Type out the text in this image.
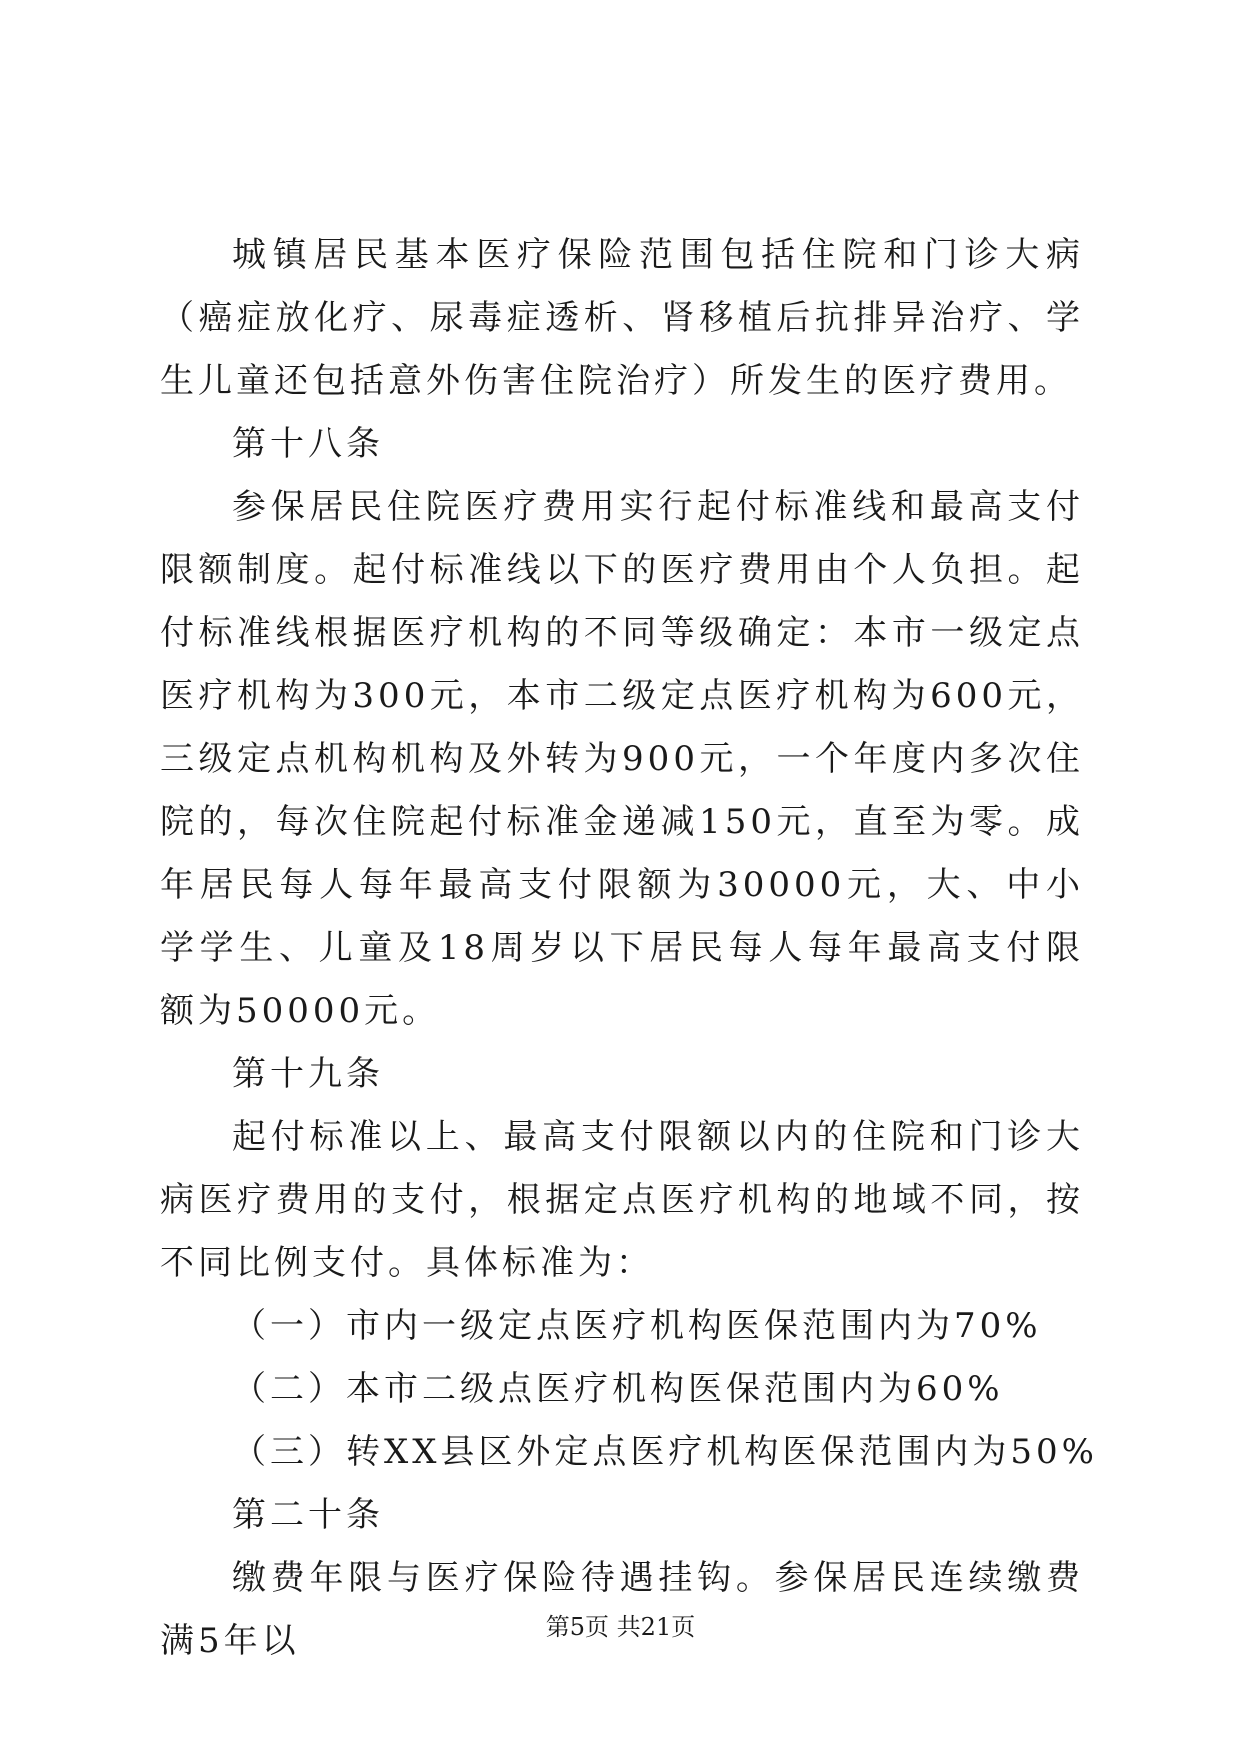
城镇居民基本医疗保险范围包括住院和门诊大病（癌症放化疗、尿毒症透析、肾移植后抗排异治疗、学生儿童还包括意外伤害住院治疗）所发生的医疗费用。

第十八条

参保居民住院医疗费用实行起付标准线和最高支付限额制度。起付标准线以下的医疗费用由个人负担。起付标准线根据医疗机构的不同等级确定：本市一级定点医疗机构为300元，本市二级定点医疗机构为600元，三级定点机构机构及外转为900元，一个年度内多次住院的，每次住院起付标准金递减150元，直至为零。成年居民每人每年最高支付限额为30000元，大、中小学学生、儿童及18周岁以下居民每人每年最高支付限额为50000元。

第十九条

起付标准以上、最高支付限额以内的住院和门诊大病医疗费用的支付，根据定点医疗机构的地域不同，按不同比例支付。具体标准为：

（一）市内一级定点医疗机构医保范围内为70%

（二）本市二级点医疗机构医保范围内为60%

（三）转XX县区外定点医疗机构医保范围内为50%

第二十条

缴费年限与医疗保险待遇挂钩。参保居民连续缴费满5年以	第5页 共21页
